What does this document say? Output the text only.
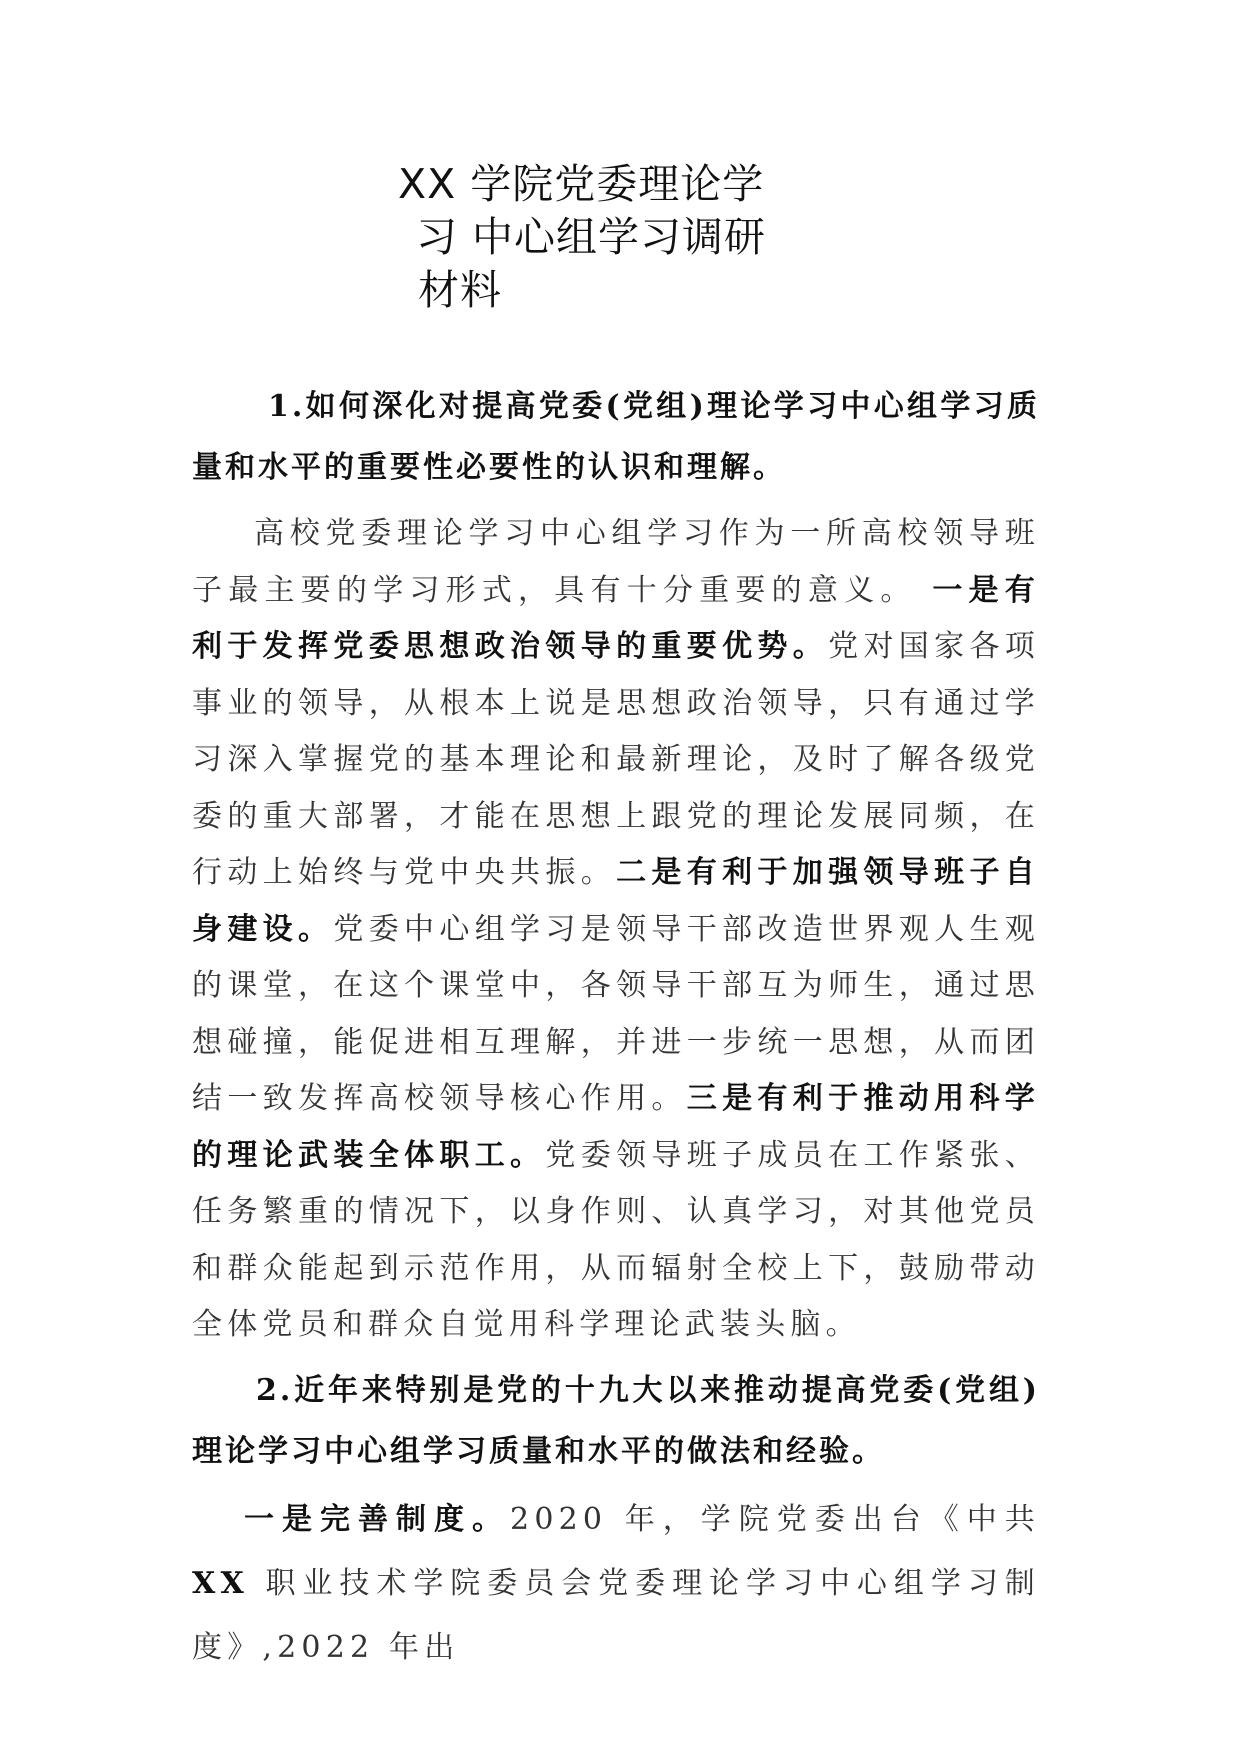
XX 学院党委理论学
习 中心组学习调研
材料

1.如何深化对提高党委(党组)理论学习中心组学习质量和水平的重要性必要性的认识和理解。

高校党委理论学习中心组学习作为一所高校领导班子最主要的学习形式，具有十分重要的意义。 一是有利于发挥党委思想政治领导的重要优势。党对国家各项事业的领导，从根本上说是思想政治领导，只有通过学习深入掌握党的基本理论和最新理论，及时了解各级党委的重大部署，才能在思想上跟党的理论发展同频，在行动上始终与党中央共振。二是有利于加强领导班子自身建设。党委中心组学习是领导干部改造世界观人生观的课堂，在这个课堂中，各领导干部互为师生，通过思想碰撞，能促进相互理解，并进一步统一思想，从而团结一致发挥高校领导核心作用。三是有利于推动用科学的理论武装全体职工。党委领导班子成员在工作紧张、任务繁重的情况下，以身作则、认真学习，对其他党员和群众能起到示范作用，从而辐射全校上下，鼓励带动全体党员和群众自觉用科学理论武装头脑。

2.近年来特别是党的十九大以来推动提高党委(党组)理论学习中心组学习质量和水平的做法和经验。

一是完善制度。2020 年，学院党委出台《中共XX 职业技术学院委员会党委理论学习中心组学习制度》,2022 年出
